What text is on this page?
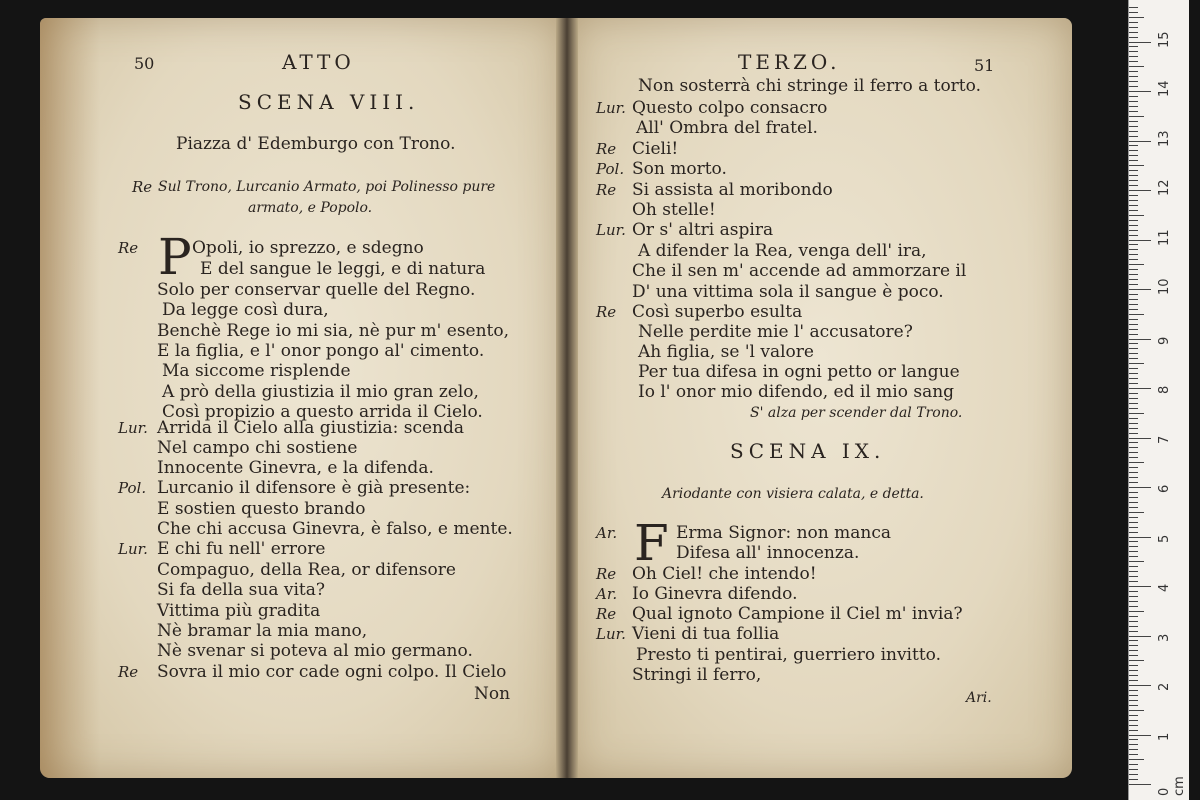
50	ATTO
SCENA VIII.
Piazza d' Edemburgo con Trono.
Re Sul Trono, Lurcanio Armato, poi Polinesso pure
armato, e Popolo.
P
Re
Lur.
Pol.
Lur.
Re
Opoli, io sprezzo, e sdegno
E del sangue le leggi, e di natura
Solo per conservar quelle del Regno.
Da legge così dura,
Benchè Rege io mi sia, nè pur m' esento,
E la figlia, e l' onor pongo al' cimento.
Ma siccome risplende
A prò della giustizia il mio gran zelo,
Così propizio a questo arrida il Cielo.
Arrida il Cielo alla giustizia: scenda
Nel campo chi sostiene
Innocente Ginevra, e la difenda.
Lurcanio il difensore è già presente:
E sostien questo brando
Che chi accusa Ginevra, è falso, e mente.
E chi fu nell' errore
Compaguo, della Rea, or difensore
Si fa della sua vita?
Vittima più gradita
Nè bramar la mia mano,
Nè svenar si poteva al mio germano.
Sovra il mio cor cade ogni colpo. Il Cielo
Non
TERZO.	51
Non sosterrà chi stringe il ferro a torto.
Lur.
Re
Pol.
Re
Lur.
Re
Questo colpo consacro
All' Ombra del fratel.
Cieli!
Son morto.
Si assista al moribondo
Oh stelle!
Or s' altri aspira
A difender la Rea, venga dell' ira,
Che il sen m' accende ad ammorzare il
D' una vittima sola il sangue è poco.
Così superbo esulta
Nelle perdite mie l' accusatore?
Ah figlia, se 'l valore
Per tua difesa in ogni petto or langue
Io l' onor mio difendo, ed il mio sang
S' alza per scender dal Trono.
SCENA IX.
Ariodante con visiera calata, e detta.
F
Ar.
Re
Ar.
Re
Lur.
Erma Signor: non manca
Difesa all' innocenza.
Oh Ciel! che intendo!
Io Ginevra difendo.
Qual ignoto Campione il Ciel m' invia?
Vieni di tua follia
Presto ti pentirai, guerriero invitto.
Stringi il ferro,
Ari.
0 cm
1
2
3
4
5
6
7
8
9
10
11
12
13
14
15
